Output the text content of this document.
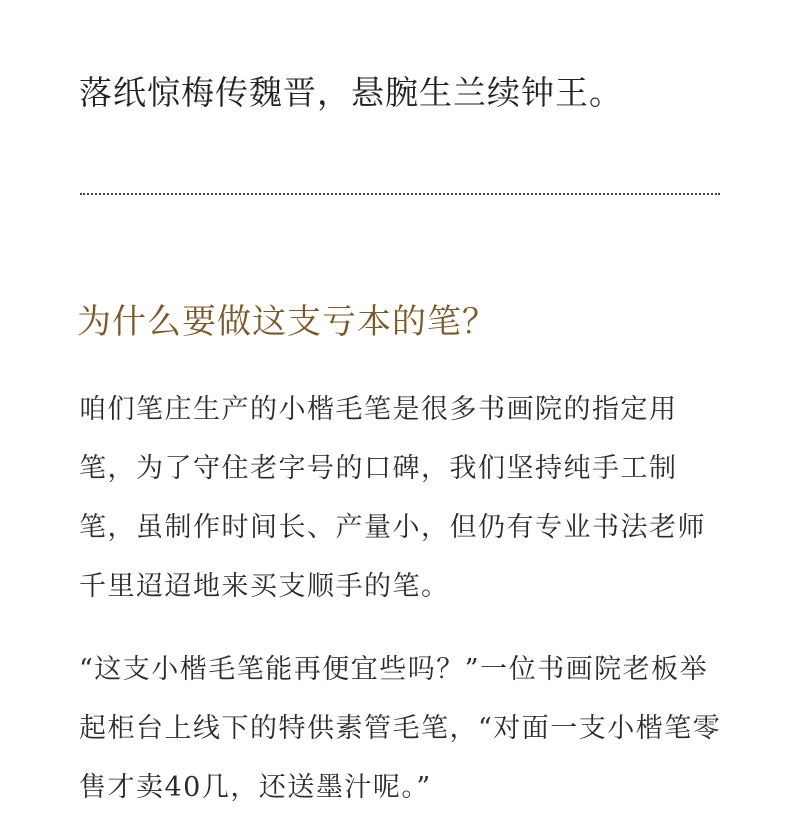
落纸惊梅传魏晋，悬腕生兰续钟王。
为什么要做这支亏本的笔？
咱们笔庄生产的小楷毛笔是很多书画院的指定用
笔，为了守住老字号的口碑，我们坚持纯手工制
笔，虽制作时间长、产量小，但仍有专业书法老师
千里迢迢地来买支顺手的笔。
“这支小楷毛笔能再便宜些吗？”一位书画院老板举
起柜台上线下的特供素管毛笔，“对面一支小楷笔零
售才卖40几，还送墨汁呢。”
